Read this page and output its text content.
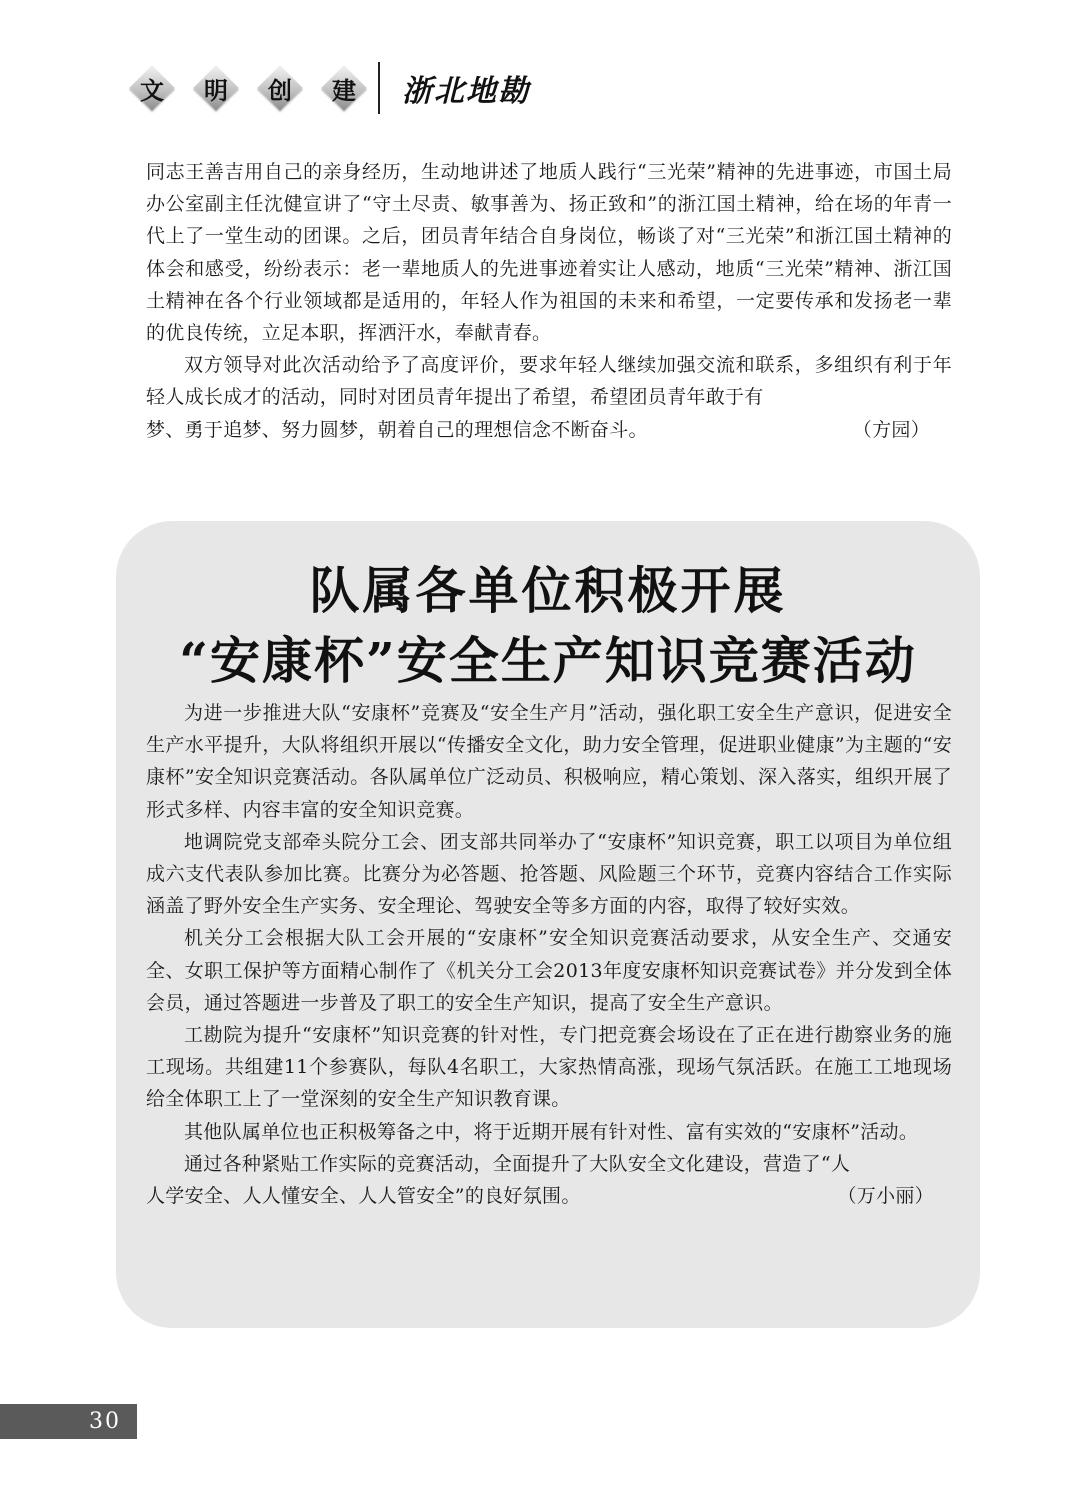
文	明	创	建	浙北地勘

同志王善吉用自己的亲身经历，生动地讲述了地质人践行“三光荣”精神的先进事迹，市国土局办公室副主任沈健宣讲了“守土尽责、敏事善为、扬正致和”的浙江国土精神，给在场的年青一代上了一堂生动的团课。之后，团员青年结合自身岗位，畅谈了对“三光荣”和浙江国土精神的体会和感受，纷纷表示：老一辈地质人的先进事迹着实让人感动，地质“三光荣”精神、浙江国土精神在各个行业领域都是适用的，年轻人作为祖国的未来和希望，一定要传承和发扬老一辈的优良传统，立足本职，挥洒汗水，奉献青春。

双方领导对此次活动给予了高度评价，要求年轻人继续加强交流和联系，多组织有利于年轻人成长成才的活动，同时对团员青年提出了希望，希望团员青年敢于有

梦、勇于追梦、努力圆梦，朝着自己的理想信念不断奋斗。	（方园）
队属各单位积极开展
“安康杯”安全生产知识竞赛活动

为进一步推进大队“安康杯”竞赛及“安全生产月”活动，强化职工安全生产意识，促进安全生产水平提升，大队将组织开展以“传播安全文化，助力安全管理，促进职业健康”为主题的“安康杯”安全知识竞赛活动。各队属单位广泛动员、积极响应，精心策划、深入落实，组织开展了形式多样、内容丰富的安全知识竞赛。

地调院党支部牵头院分工会、团支部共同举办了“安康杯”知识竞赛，职工以项目为单位组成六支代表队参加比赛。比赛分为必答题、抢答题、风险题三个环节，竞赛内容结合工作实际涵盖了野外安全生产实务、安全理论、驾驶安全等多方面的内容，取得了较好实效。

机关分工会根据大队工会开展的“安康杯”安全知识竞赛活动要求，从安全生产、交通安全、女职工保护等方面精心制作了《机关分工会2013年度安康杯知识竞赛试卷》并分发到全体会员，通过答题进一步普及了职工的安全生产知识，提高了安全生产意识。

工勘院为提升“安康杯”知识竞赛的针对性，专门把竞赛会场设在了正在进行勘察业务的施工现场。共组建11个参赛队，每队4名职工，大家热情高涨，现场气氛活跃。在施工工地现场给全体职工上了一堂深刻的安全生产知识教育课。

其他队属单位也正积极筹备之中，将于近期开展有针对性、富有实效的“安康杯”活动。

通过各种紧贴工作实际的竞赛活动，全面提升了大队安全文化建设，营造了“人

人学安全、人人懂安全、人人管安全”的良好氛围。	（万小丽）
30
